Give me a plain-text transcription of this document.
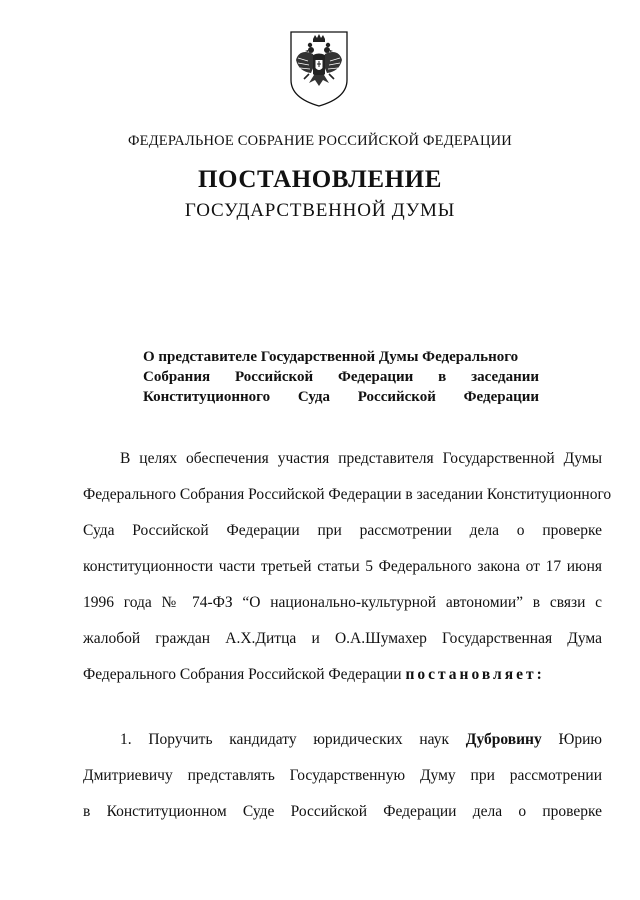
ФЕДЕРАЛЬНОЕ СОБРАНИЕ РОССИЙСКОЙ ФЕДЕРАЦИИ
ПОСТАНОВЛЕНИЕ
ГОСУДАРСТВЕННОЙ ДУМЫ
О представителе Государственной Думы Федерального
Собрания Российской Федерации в заседании
Конституционного Суда Российской Федерации
В целях обеспечения участия представителя Государственной Думы
Федерального Собрания Российской Федерации в заседании Конституционного
Суда Российской Федерации при рассмотрении дела о проверке
конституционности части третьей статьи 5 Федерального закона от 17 июня
1996 года № 74-ФЗ “О национально-культурной автономии” в связи с
жалобой граждан А.Х.Дитца и О.А.Шумахер Государственная Дума
Федерального Собрания Российской Федерации постановляет:
1. Поручить кандидату юридических наук Дубровину Юрию
Дмитриевичу представлять Государственную Думу при рассмотрении
в Конституционном Суде Российской Федерации дела о проверке
